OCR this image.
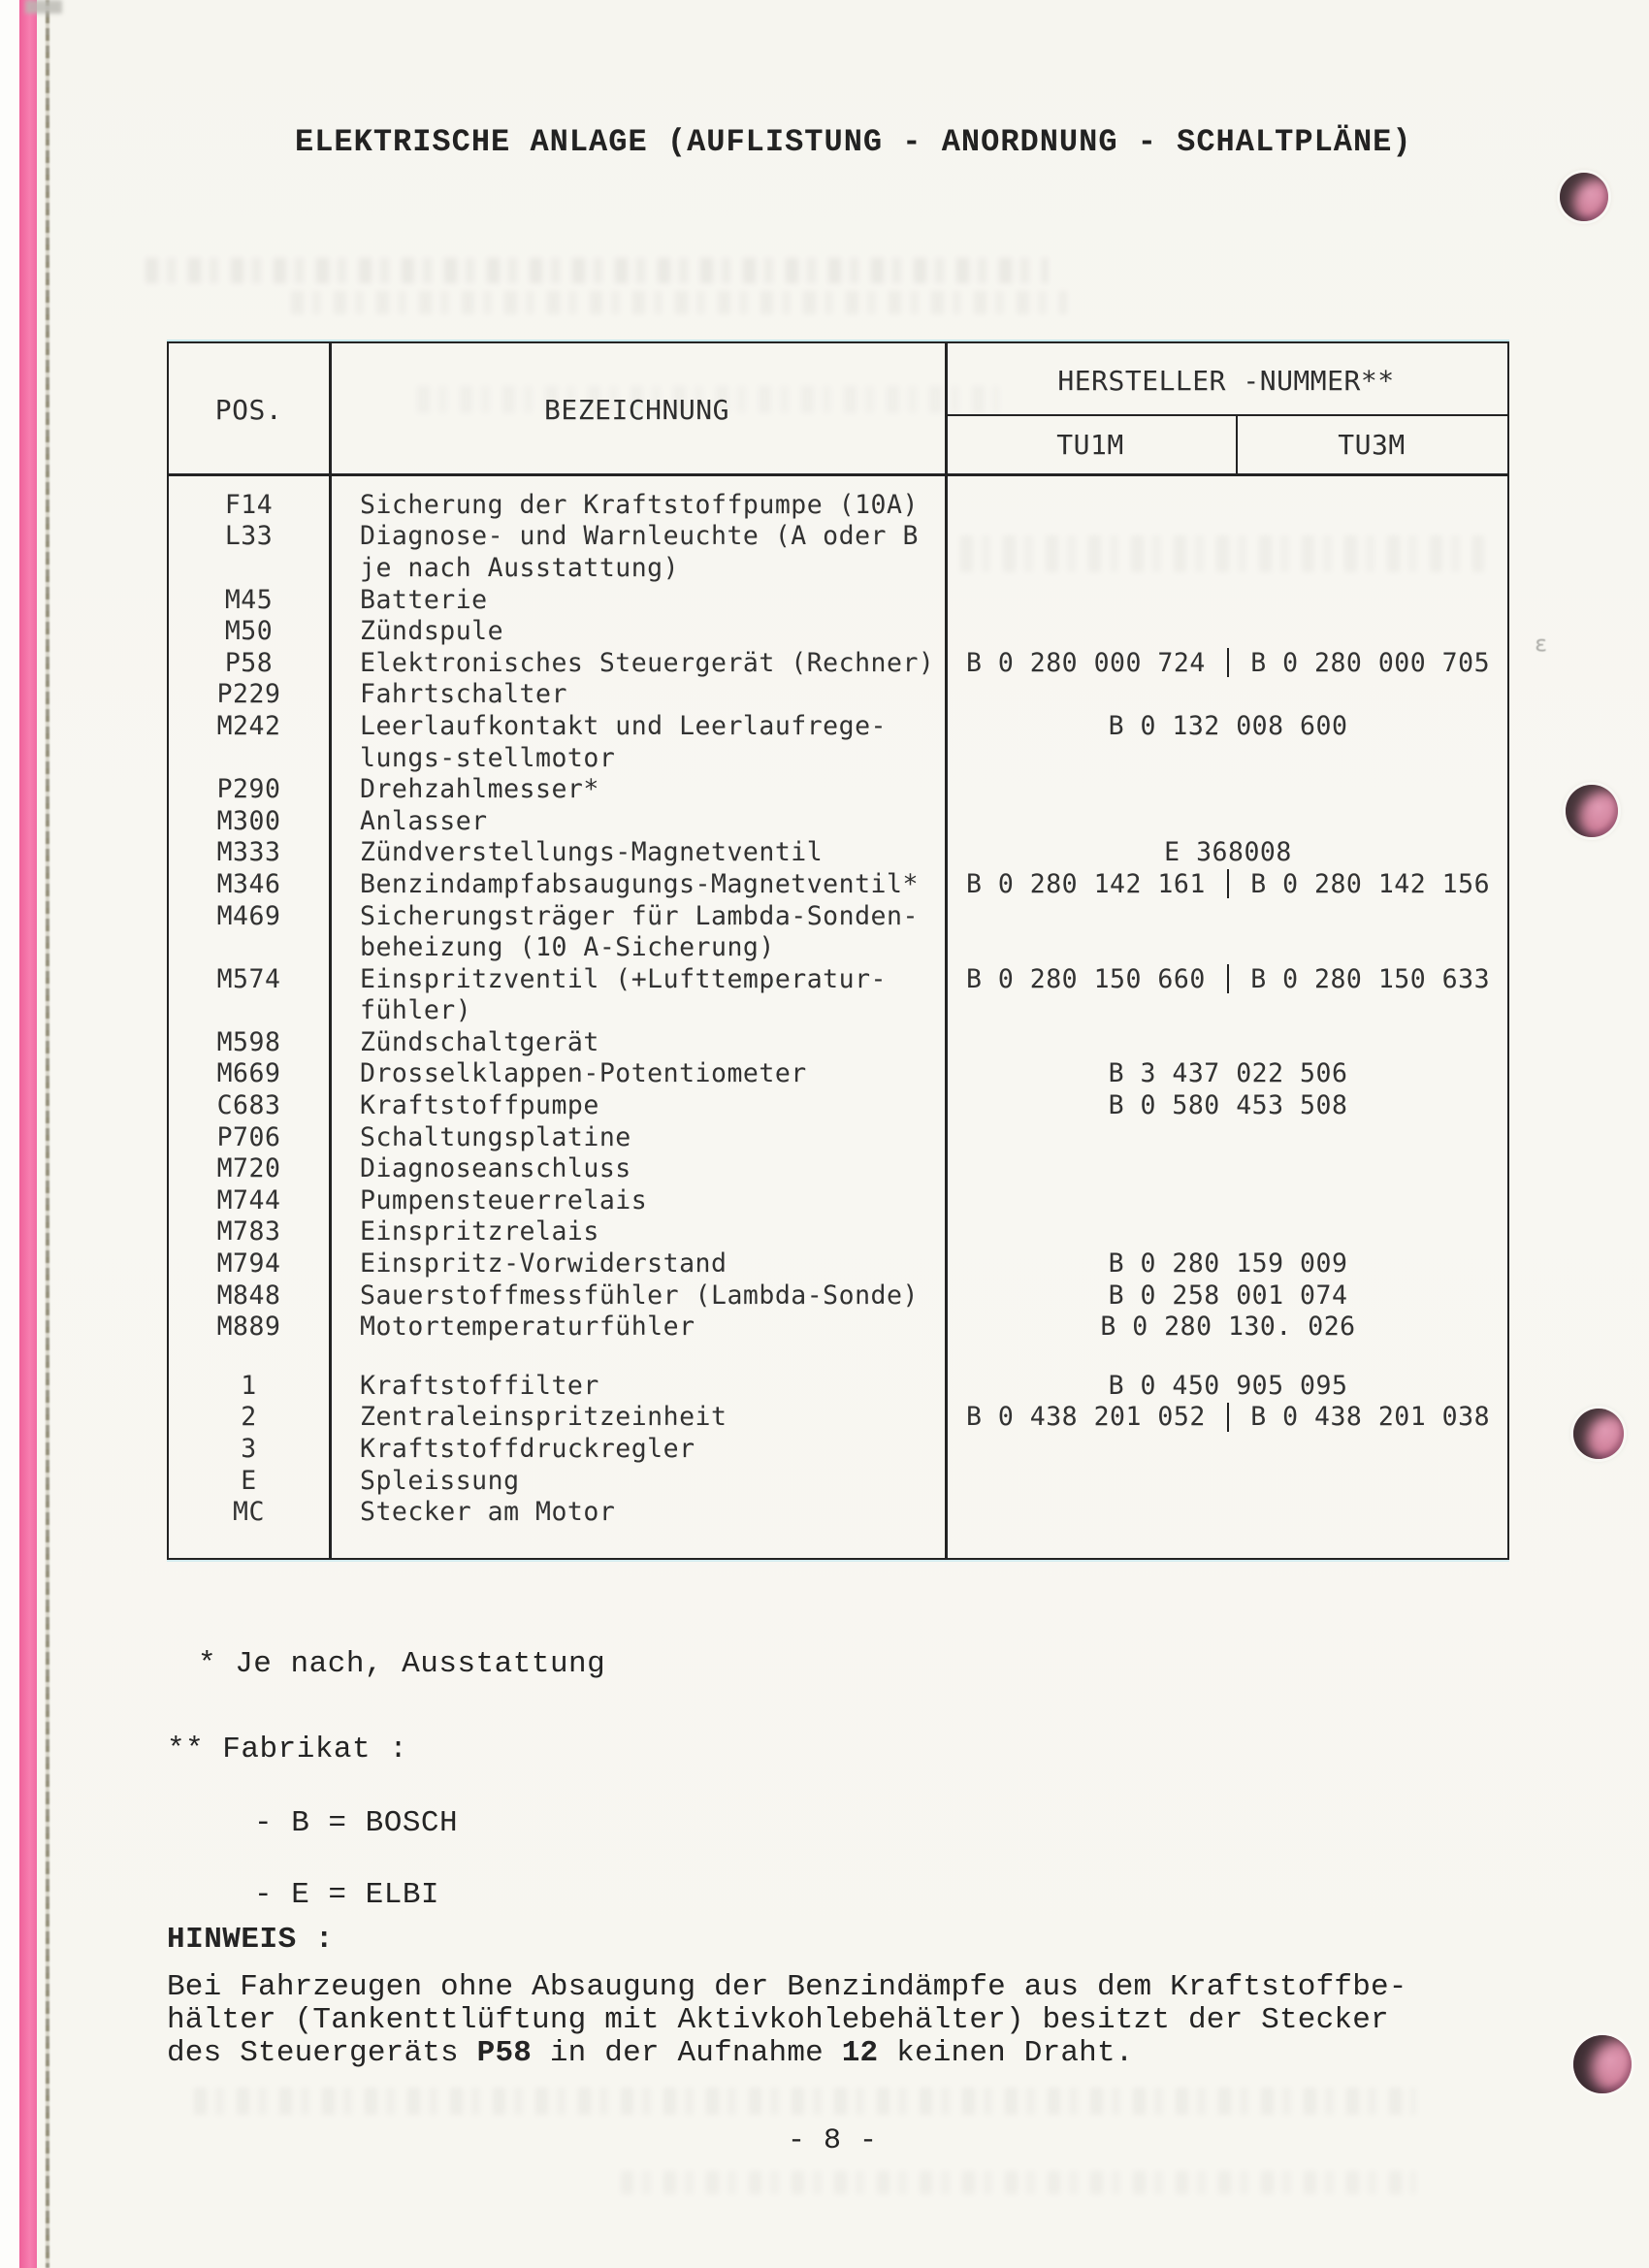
ε
ELEKTRISCHE ANLAGE (AUFLISTUNG - ANORDNUNG - SCHALTPLÄNE)
POS.	BEZEICHNUNG
HERSTELLER -NUMMER**
TU1M	TU3M
F14	Sicherung der Kraftstoffpumpe (10A)
L33	Diagnose- und Warnleuchte (A oder B
je nach Ausstattung)
M45	Batterie
M50	Zündspule
P58	Elektronisches Steuergerät (Rechner)	B 0 280 000 724	B 0 280 000 705
P229	Fahrtschalter
M242	Leerlaufkontakt und Leerlaufrege-	B 0 132 008 600
lungs-stellmotor
P290	Drehzahlmesser*
M300	Anlasser
M333	Zündverstellungs-Magnetventil	E 368008
M346	Benzindampfabsaugungs-Magnetventil*	B 0 280 142 161	B 0 280 142 156
M469	Sicherungsträger für Lambda-Sonden-
beheizung (10 A-Sicherung)
M574	Einspritzventil (+Lufttemperatur-	B 0 280 150 660	B 0 280 150 633
fühler)
M598	Zündschaltgerät
M669	Drosselklappen-Potentiometer	B 3 437 022 506
C683	Kraftstoffpumpe	B 0 580 453 508
P706	Schaltungsplatine
M720	Diagnoseanschluss
M744	Pumpensteuerrelais
M783	Einspritzrelais
M794	Einspritz-Vorwiderstand	B 0 280 159 009
M848	Sauerstoffmessfühler (Lambda-Sonde)	B 0 258 001 074
M889	Motortemperaturfühler	B 0 280 130. 026
1	Kraftstoffilter	B 0 450 905 095
2	Zentraleinspritzeinheit	B 0 438 201 052	B 0 438 201 038
3	Kraftstoffdruckregler
E	Spleissung
MC	Stecker am Motor
* Je nach, Ausstattung
** Fabrikat :
- B = BOSCH
- E = ELBI
HINWEIS :
Bei Fahrzeugen ohne Absaugung der Benzindämpfe aus dem Kraftstoffbe-
hälter (Tankenttlüftung mit Aktivkohlebehälter) besitzt der Stecker
des Steuergeräts P58 in der Aufnahme 12 keinen Draht.
- 8 -
